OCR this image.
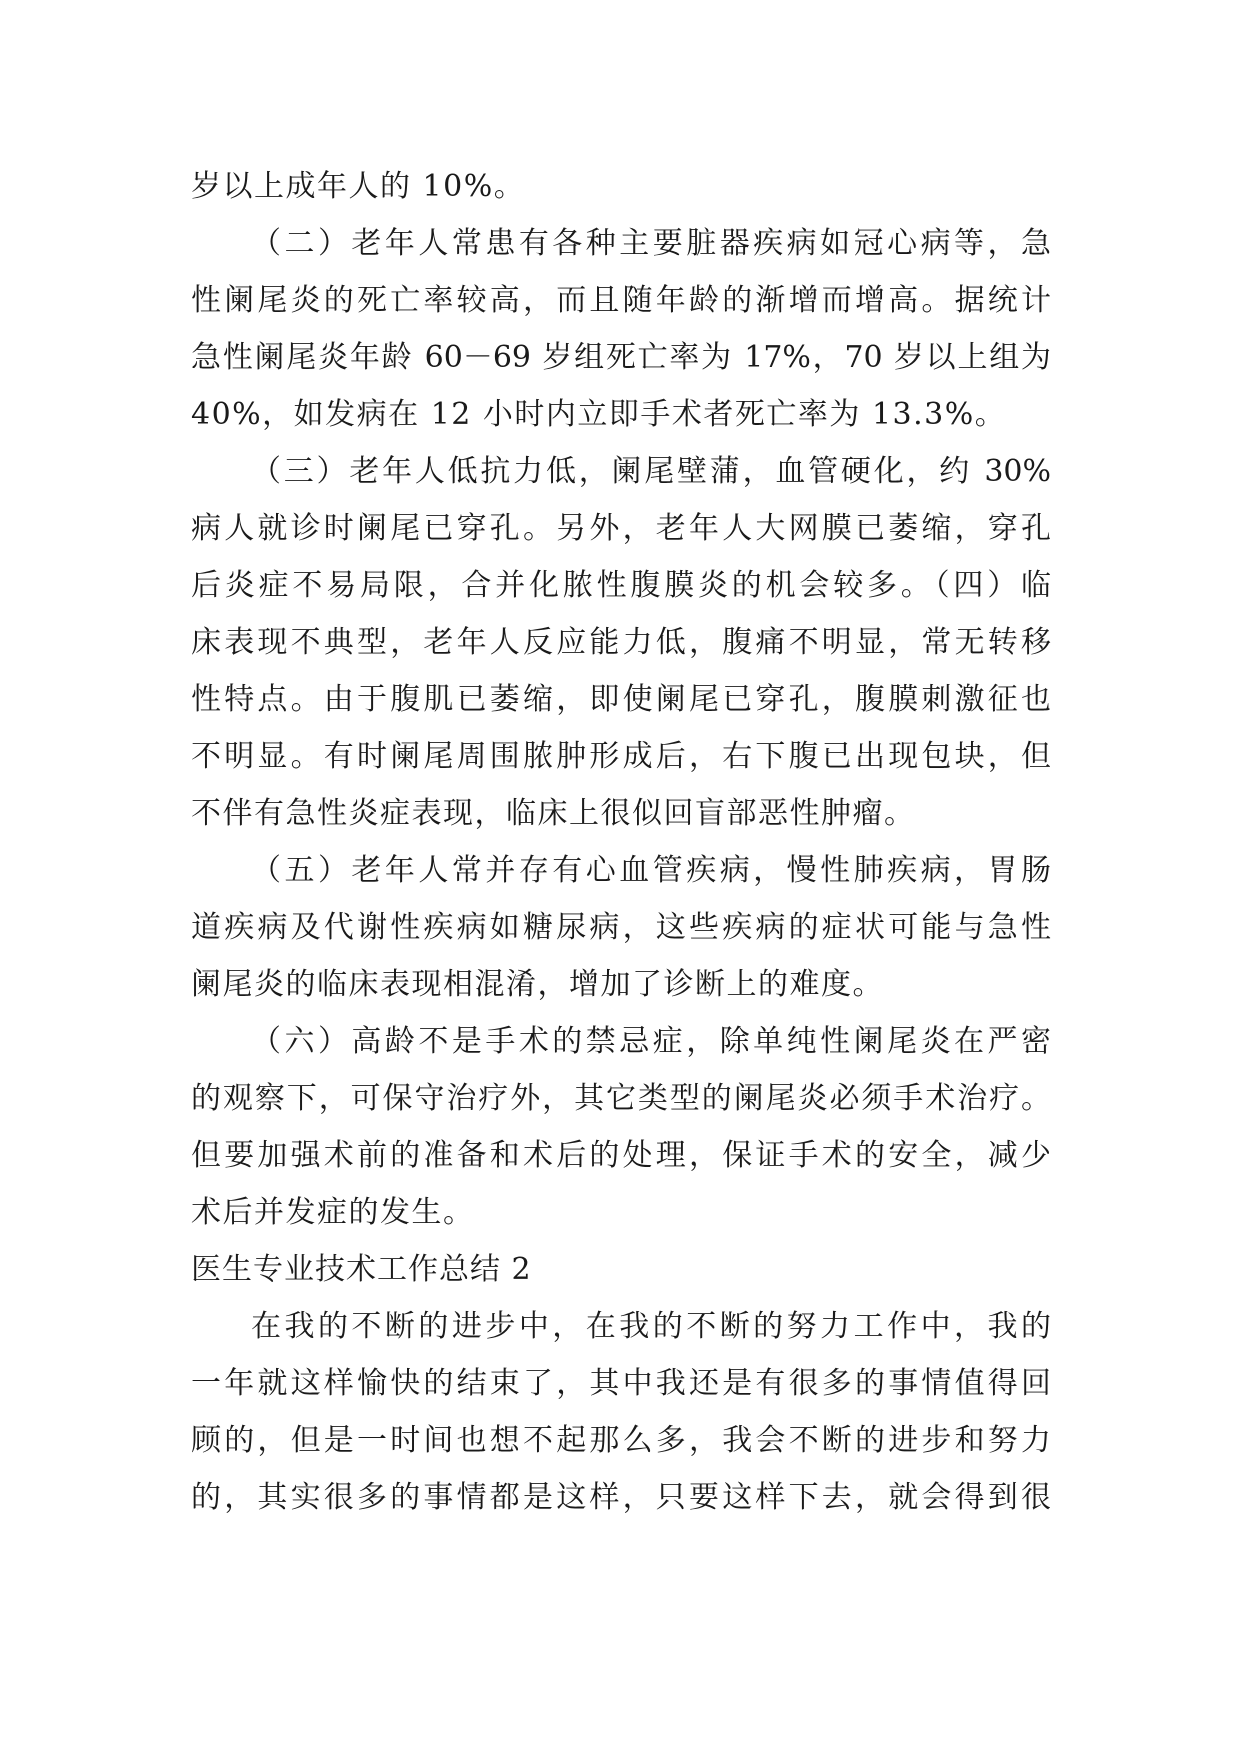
岁以上成年人的 10%。
（二）老年人常患有各种主要脏器疾病如冠心病等，急
性阑尾炎的死亡率较高，而且随年龄的渐增而增高。据统计
急性阑尾炎年龄 60－69 岁组死亡率为 17%，70 岁以上组为
40%，如发病在 12 小时内立即手术者死亡率为 13.3%。
（三）老年人低抗力低，阑尾壁蒲，血管硬化，约 30%
病人就诊时阑尾已穿孔。另外，老年人大网膜已萎缩，穿孔
后炎症不易局限，合并化脓性腹膜炎的机会较多。（四）临
床表现不典型，老年人反应能力低，腹痛不明显，常无转移
性特点。由于腹肌已萎缩，即使阑尾已穿孔，腹膜刺激征也
不明显。有时阑尾周围脓肿形成后，右下腹已出现包块，但
不伴有急性炎症表现，临床上很似回盲部恶性肿瘤。
（五）老年人常并存有心血管疾病，慢性肺疾病，胃肠
道疾病及代谢性疾病如糖尿病，这些疾病的症状可能与急性
阑尾炎的临床表现相混淆，增加了诊断上的难度。
（六）高龄不是手术的禁忌症，除单纯性阑尾炎在严密
的观察下，可保守治疗外，其它类型的阑尾炎必须手术治疗。
但要加强术前的准备和术后的处理，保证手术的安全，减少
术后并发症的发生。
医生专业技术工作总结 2
在我的不断的进步中，在我的不断的努力工作中，我的
一年就这样愉快的结束了，其中我还是有很多的事情值得回
顾的，但是一时间也想不起那么多，我会不断的进步和努力
的，其实很多的事情都是这样，只要这样下去，就会得到很
